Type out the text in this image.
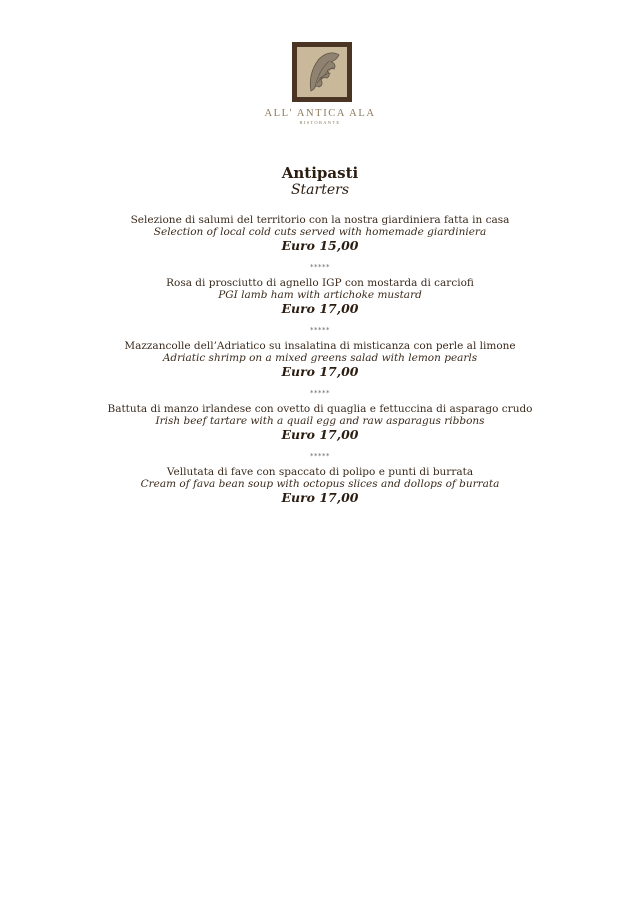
ALL' ANTICA ALA
RISTORANTE
Antipasti
Starters
Selezione di salumi del territorio con la nostra giardiniera fatta in casa
Selection of local cold cuts served with homemade giardiniera
Euro 15,00
*****
Rosa di prosciutto di agnello IGP con mostarda di carciofi
PGI lamb ham with artichoke mustard
Euro 17,00
*****
Mazzancolle dell’Adriatico su insalatina di misticanza con perle al limone
Adriatic shrimp on a mixed greens salad with lemon pearls
Euro 17,00
*****
Battuta di manzo irlandese con ovetto di quaglia e fettuccina di asparago crudo
Irish beef tartare with a quail egg and raw asparagus ribbons
Euro 17,00
*****
Vellutata di fave con spaccato di polipo e punti di burrata
Cream of fava bean soup with octopus slices and dollops of burrata
Euro 17,00
